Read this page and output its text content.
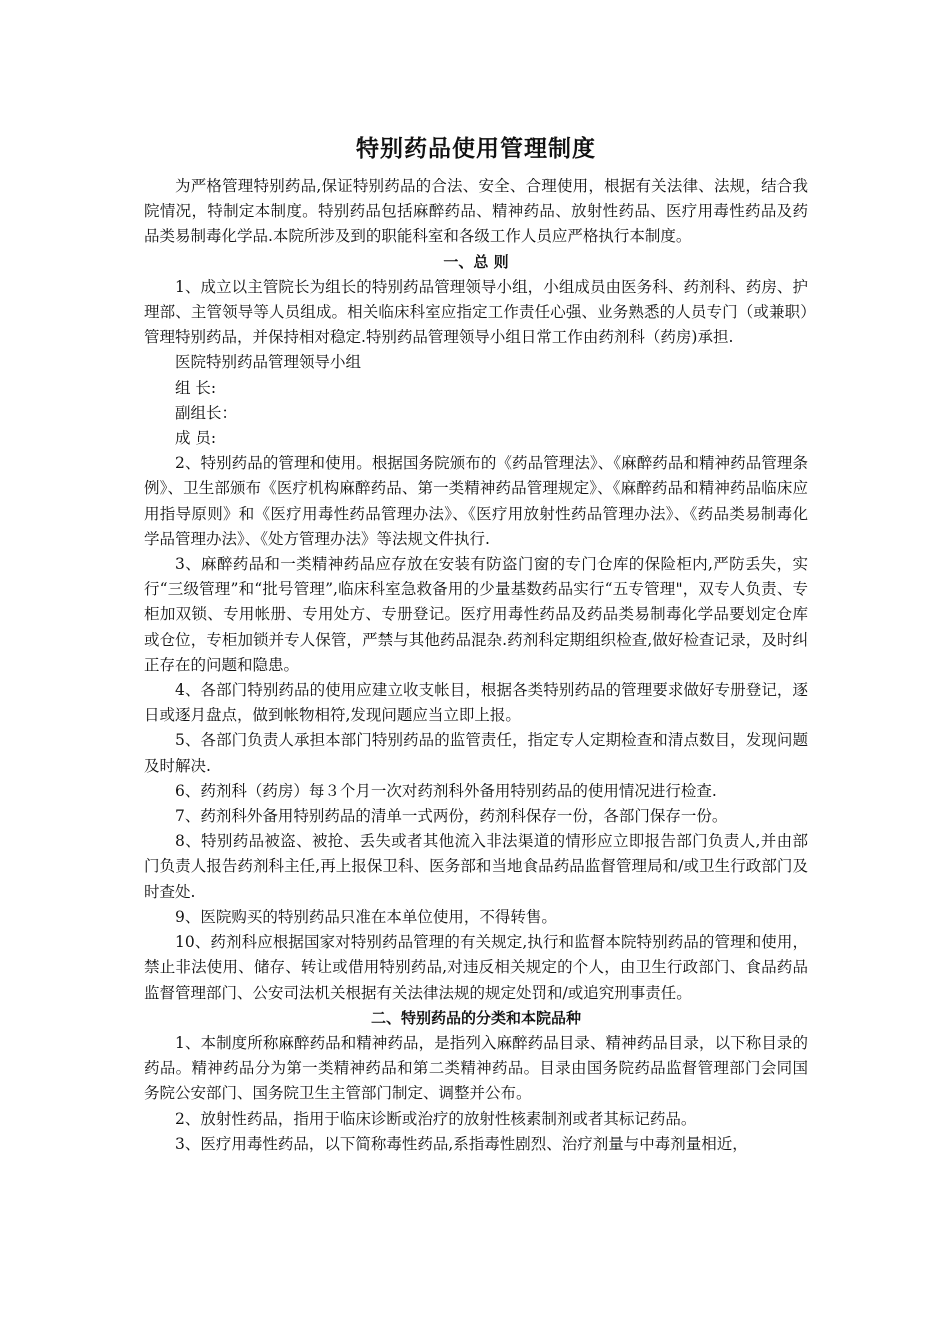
特别药品使用管理制度

为严格管理特别药品,保证特别药品的合法、安全、合理使用，根据有关法律、法规，结合我院情况，特制定本制度。特别药品包括麻醉药品、精神药品、放射性药品、医疗用毒性药品及药品类易制毒化学品.本院所涉及到的职能科室和各级工作人员应严格执行本制度。

一、总 则

1、成立以主管院长为组长的特别药品管理领导小组，小组成员由医务科、药剂科、药房、护理部、主管领导等人员组成。相关临床科室应指定工作责任心强、业务熟悉的人员专门（或兼职）管理特别药品，并保持相对稳定.特别药品管理领导小组日常工作由药剂科（药房)承担.

医院特别药品管理领导小组

组 长:

副组长：

成 员:

2、特别药品的管理和使用。根据国务院颁布的《药品管理法》、《麻醉药品和精神药品管理条例》、卫生部颁布《医疗机构麻醉药品、第一类精神药品管理规定》、《麻醉药品和精神药品临床应用指导原则》和《医疗用毒性药品管理办法》、《医疗用放射性药品管理办法》、《药品类易制毒化学品管理办法》、《处方管理办法》等法规文件执行.

3、麻醉药品和一类精神药品应存放在安装有防盗门窗的专门仓库的保险柜内,严防丢失，实行“三级管理”和“批号管理”,临床科室急救备用的少量基数药品实行“五专管理"，双专人负责、专柜加双锁、专用帐册、专用处方、专册登记。医疗用毒性药品及药品类易制毒化学品要划定仓库或仓位，专柜加锁并专人保管，严禁与其他药品混杂.药剂科定期组织检查,做好检查记录，及时纠正存在的问题和隐患。

4、各部门特别药品的使用应建立收支帐目，根据各类特别药品的管理要求做好专册登记，逐日或逐月盘点，做到帐物相符,发现问题应当立即上报。

5、各部门负责人承担本部门特别药品的监管责任，指定专人定期检查和清点数目，发现问题及时解决.

6、药剂科（药房）每３个月一次对药剂科外备用特别药品的使用情况进行检查.

7、药剂科外备用特别药品的清单一式两份，药剂科保存一份，各部门保存一份。

8、特别药品被盗、被抢、丢失或者其他流入非法渠道的情形应立即报告部门负责人,并由部门负责人报告药剂科主任,再上报保卫科、医务部和当地食品药品监督管理局和/或卫生行政部门及时查处.

9、医院购买的特别药品只准在本单位使用，不得转售。

10、药剂科应根据国家对特别药品管理的有关规定,执行和监督本院特别药品的管理和使用，禁止非法使用、储存、转让或借用特别药品,对违反相关规定的个人，由卫生行政部门、食品药品监督管理部门、公安司法机关根据有关法律法规的规定处罚和/或追究刑事责任。

二、特别药品的分类和本院品种

1、本制度所称麻醉药品和精神药品，是指列入麻醉药品目录、精神药品目录，以下称目录的药品。精神药品分为第一类精神药品和第二类精神药品。目录由国务院药品监督管理部门会同国务院公安部门、国务院卫生主管部门制定、调整并公布。

2、放射性药品，指用于临床诊断或治疗的放射性核素制剂或者其标记药品。

3、医疗用毒性药品，以下简称毒性药品,系指毒性剧烈、治疗剂量与中毒剂量相近，
